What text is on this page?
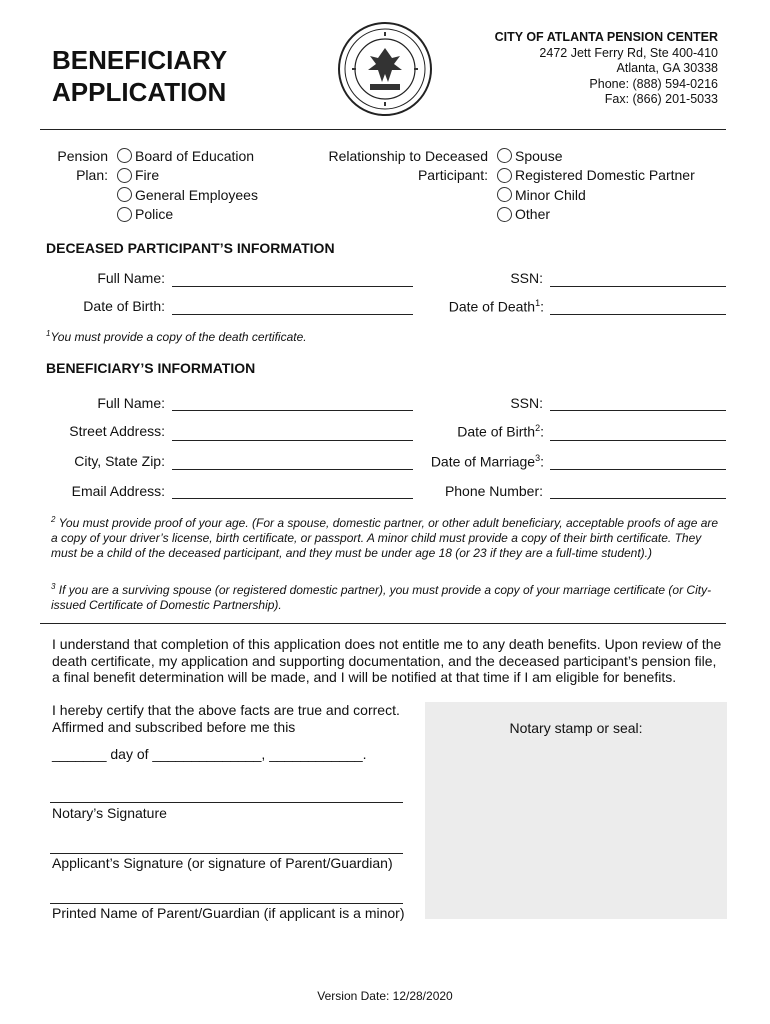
BENEFICIARY
APPLICATION
CITY OF ATLANTA PENSION CENTER
2472 Jett Ferry Rd, Ste 400-410
Atlanta, GA 30338
Phone: (888) 594-0216
Fax: (866) 201-5033
Pension
Plan:
Board of Education
Fire
General Employees
Police
Relationship to Deceased
Participant:
Spouse
Registered Domestic Partner
Minor Child
Other
DECEASED PARTICIPANT’S INFORMATION
Full Name:	SSN:
Date of Birth:	Date of Death$^1$:
$^1$You must provide a copy of the death certificate.
BENEFICIARY’S INFORMATION
Full Name:	SSN:
Street Address:	Date of Birth$^2$:
City, State Zip:	Date of Marriage$^3$:
Email Address:	Phone Number:
$^2$ You must provide proof of your age. (For a spouse, domestic partner, or other adult beneficiary, acceptable proofs of age are a copy of your driver’s license, birth certificate, or passport. A minor child must provide a copy of their birth certificate. They must be a child of the deceased participant, and they must be under age 18 (or 23 if they are a full-time student).)
$^3$ If you are a surviving spouse (or registered domestic partner), you must provide a copy of your marriage certificate (or City-issued Certificate of Domestic Partnership).
I understand that completion of this application does not entitle me to any death benefits. Upon review of the death certificate, my application and supporting documentation, and the deceased participant’s pension file, a final benefit determination will be made, and I will be notified at that time if I am eligible for benefits.
I hereby certify that the above facts are true and correct.
Affirmed and subscribed before me this
_______ day of ______________, ____________.
Notary stamp or seal:
Notary’s Signature
Applicant’s Signature (or signature of Parent/Guardian)
Printed Name of Parent/Guardian (if applicant is a minor)
Version Date: 12/28/2020
